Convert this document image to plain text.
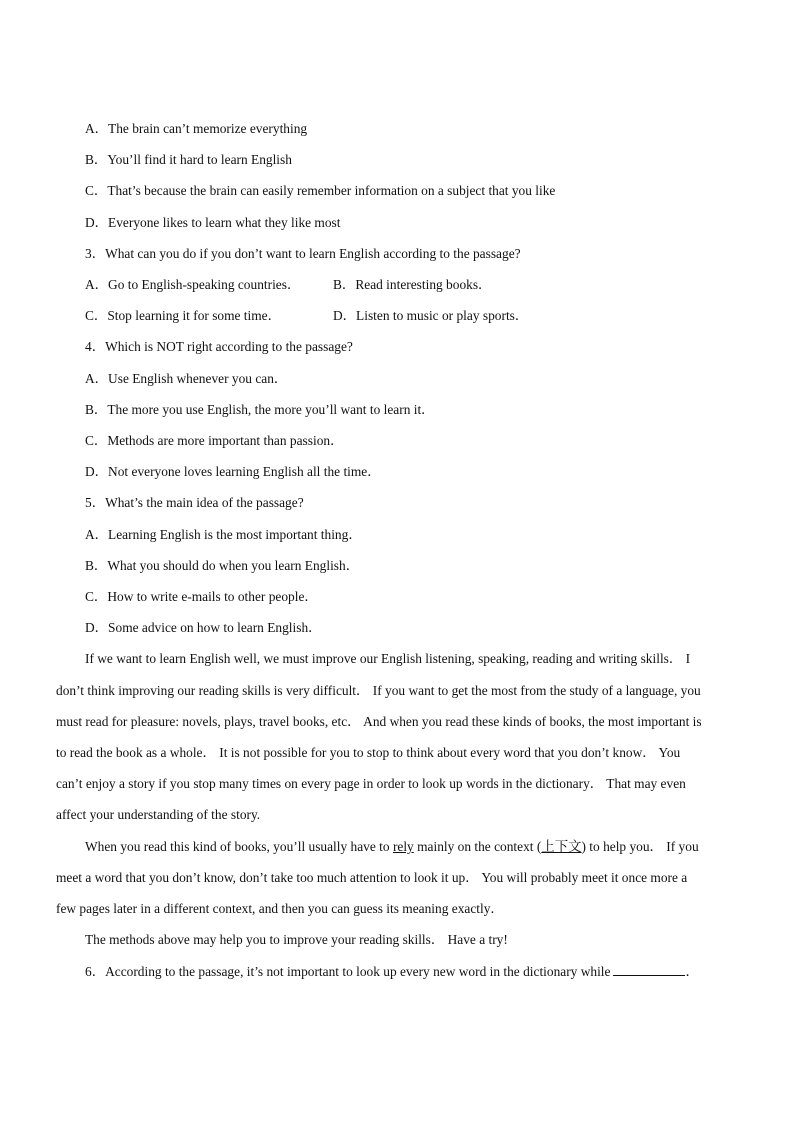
A．The brain can’t memorize everything
B．You’ll find it hard to learn English
C．That’s because the brain can easily remember information on a subject that you like
D．Everyone likes to learn what they like most
3．What can you do if you don’t want to learn English according to the passage?
A．Go to English-speaking countries． B．Read interesting books．
C．Stop learning it for some time．	D．Listen to music or play sports．
4．Which is NOT right according to the passage?
A．Use English whenever you can．
B．The more you use English, the more you’ll want to learn it．
C．Methods are more important than passion．
D．Not everyone loves learning English all the time．
5．What’s the main idea of the passage?
A．Learning English is the most important thing．
B．What you should do when you learn English．
C．How to write e-mails to other people．
D．Some advice on how to learn English．
If we want to learn English well, we must improve our English listening, speaking, reading and writing skills． I
don’t think improving our reading skills is very difficult． If you want to get the most from the study of a language, you
must read for pleasure: novels, plays, travel books, etc． And when you read these kinds of books, the most important is
to read the book as a whole． It is not possible for you to stop to think about every word that you don’t know． You
can’t enjoy a story if you stop many times on every page in order to look up words in the dictionary． That may even
affect your understanding of the story.
When you read this kind of books, you’ll usually have to rely mainly on the context (上下文) to help you． If you
meet a word that you don’t know, don’t take too much attention to look it up． You will probably meet it once more a
few pages later in a different context, and then you can guess its meaning exactly．
The methods above may help you to improve your reading skills． Have a try!
6．According to the passage, it’s not important to look up every new word in the dictionary while	．
